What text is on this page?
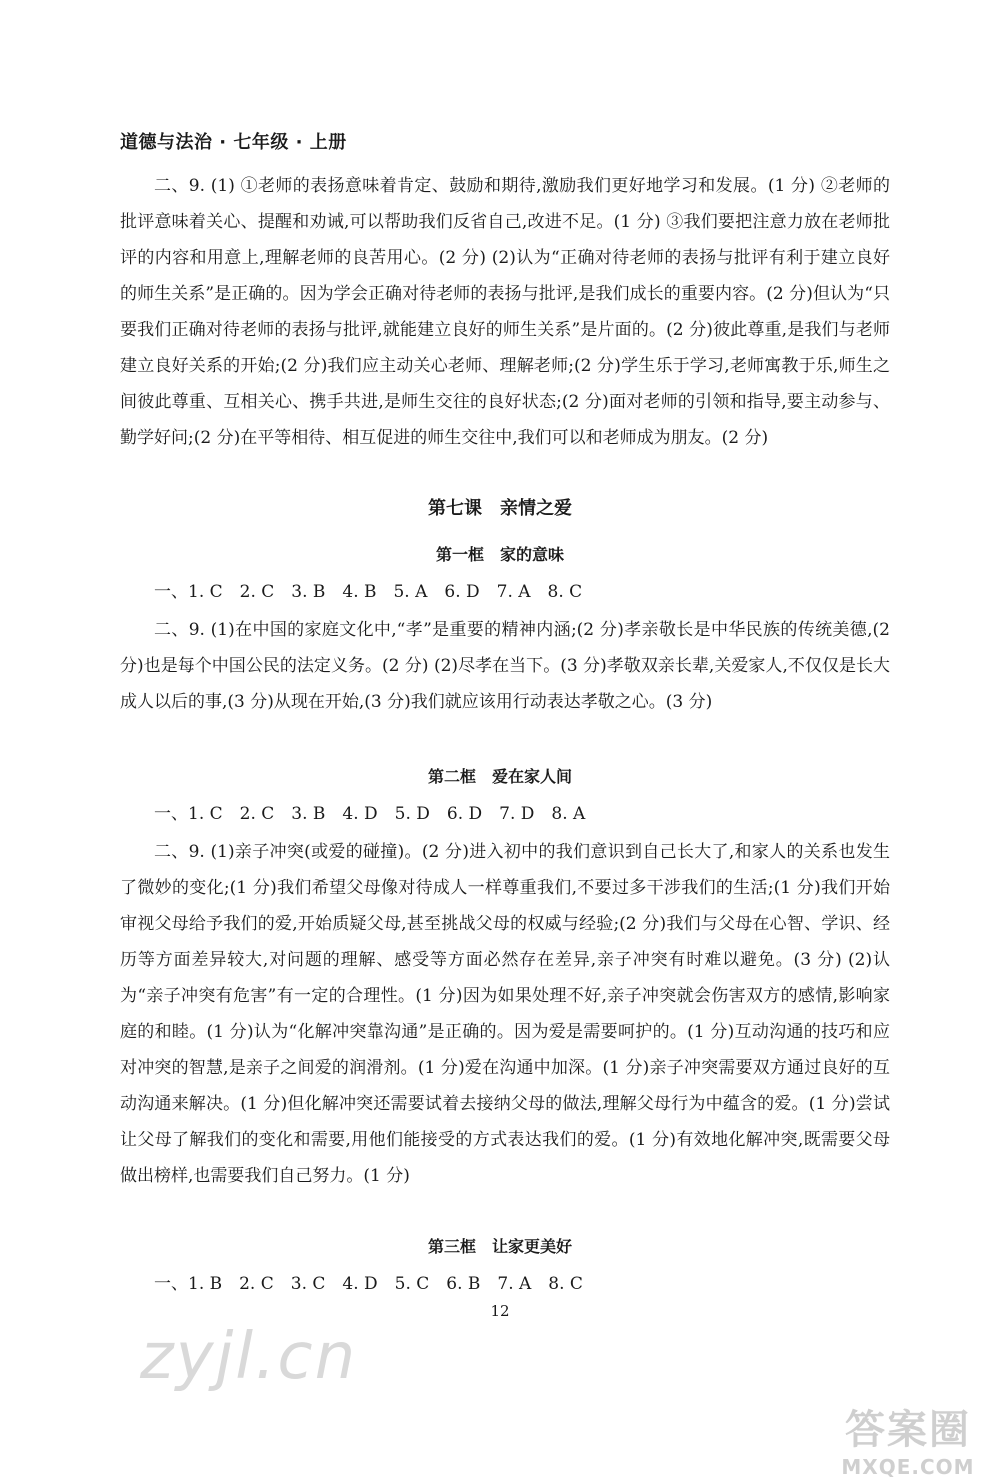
道德与法治 · 七年级 · 上册

二、9. (1) ①老师的表扬意味着肯定、鼓励和期待,激励我们更好地学习和发展。(1 分) ②老师的批评意味着关心、提醒和劝诫,可以帮助我们反省自己,改进不足。(1 分) ③我们要把注意力放在老师批评的内容和用意上,理解老师的良苦用心。(2 分) (2)认为“正确对待老师的表扬与批评有利于建立良好的师生关系”是正确的。因为学会正确对待老师的表扬与批评,是我们成长的重要内容。(2 分)但认为“只要我们正确对待老师的表扬与批评,就能建立良好的师生关系”是片面的。(2 分)彼此尊重,是我们与老师建立良好关系的开始;(2 分)我们应主动关心老师、理解老师;(2 分)学生乐于学习,老师寓教于乐,师生之间彼此尊重、互相关心、携手共进,是师生交往的良好状态;(2 分)面对老师的引领和指导,要主动参与、勤学好问;(2 分)在平等相待、相互促进的师生交往中,我们可以和老师成为朋友。(2 分)

第七课　亲情之爱
第一框　家的意味
一、1. C　2. C　3. B　4. B　5. A　6. D　7. A　8. C

二、9. (1)在中国的家庭文化中,“孝”是重要的精神内涵;(2 分)孝亲敬长是中华民族的传统美德,(2 分)也是每个中国公民的法定义务。(2 分) (2)尽孝在当下。(3 分)孝敬双亲长辈,关爱家人,不仅仅是长大成人以后的事,(3 分)从现在开始,(3 分)我们就应该用行动表达孝敬之心。(3 分)

第二框　爱在家人间
一、1. C　2. C　3. B　4. D　5. D　6. D　7. D　8. A

二、9. (1)亲子冲突(或爱的碰撞)。(2 分)进入初中的我们意识到自己长大了,和家人的关系也发生了微妙的变化;(1 分)我们希望父母像对待成人一样尊重我们,不要过多干涉我们的生活;(1 分)我们开始审视父母给予我们的爱,开始质疑父母,甚至挑战父母的权威与经验;(2 分)我们与父母在心智、学识、经历等方面差异较大,对问题的理解、感受等方面必然存在差异,亲子冲突有时难以避免。(3 分) (2)认为“亲子冲突有危害”有一定的合理性。(1 分)因为如果处理不好,亲子冲突就会伤害双方的感情,影响家庭的和睦。(1 分)认为“化解冲突靠沟通”是正确的。因为爱是需要呵护的。(1 分)互动沟通的技巧和应对冲突的智慧,是亲子之间爱的润滑剂。(1 分)爱在沟通中加深。(1 分)亲子冲突需要双方通过良好的互动沟通来解决。(1 分)但化解冲突还需要试着去接纳父母的做法,理解父母行为中蕴含的爱。(1 分)尝试让父母了解我们的变化和需要,用他们能接受的方式表达我们的爱。(1 分)有效地化解冲突,既需要父母做出榜样,也需要我们自己努力。(1 分)

第三框　让家更美好
一、1. B　2. C　3. C　4. D　5. C　6. B　7. A　8. C
12
zyjl.cn
答案圈
MXQE.COM
